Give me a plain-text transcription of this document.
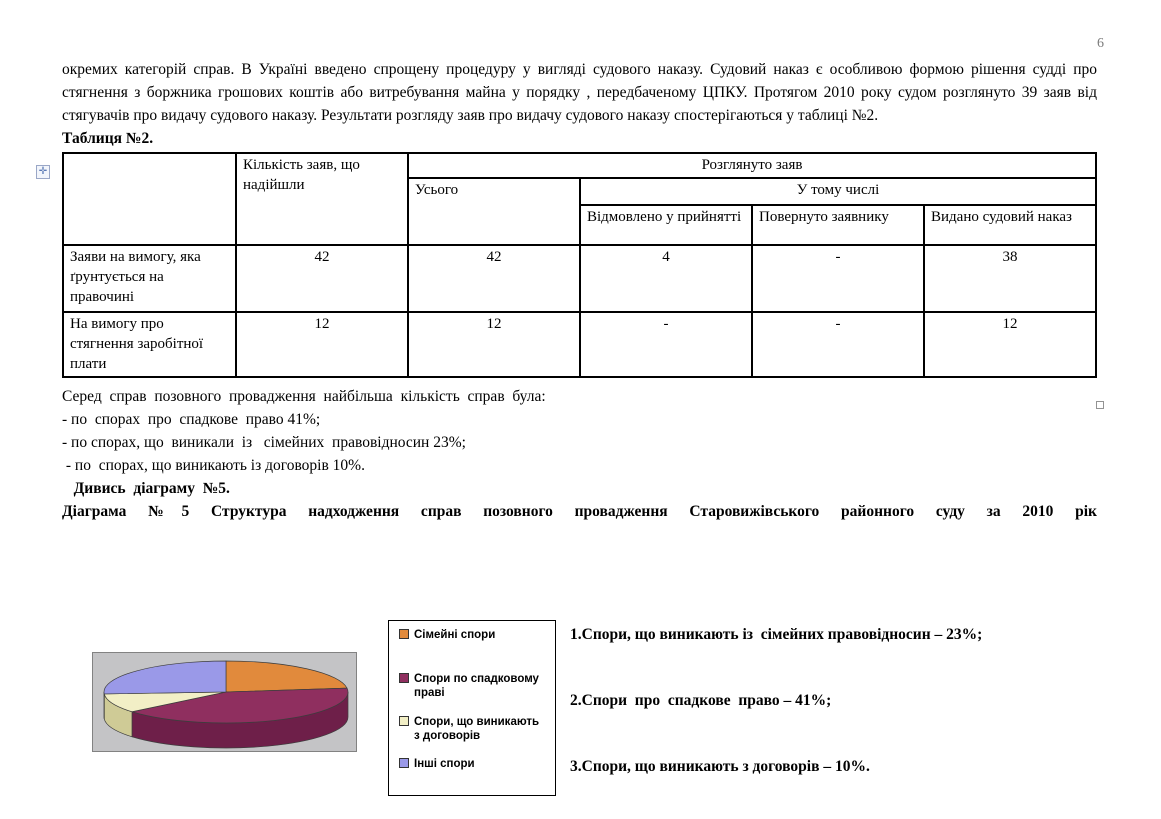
6
✛
окремих категорій справ. В Україні введено спрощену процедуру у вигляді судового наказу. Судовий наказ є особливою формою рішення судді про стягнення з боржника грошових коштів або витребування майна у порядку , передбаченому ЦПКУ. Протягом 2010 року судом розглянуто 39 заяв від стягувачів про видачу судового наказу. Результати розгляду заяв про видачу судового наказу спостерігаються у таблиці №2.
Таблиця №2.
	Кількість заяв, що надійшли	Розглянуто заяв			
		Усього	У тому числі		
			Відмовлено у прийнятті	Повернуто заявнику	Видано судовий наказ
Заяви на вимогу, яка ґрунтується на правочині	42	42	4	-	38
На вимогу про стягнення заробітної плати	12	12	-	-	12
Серед  справ  позовного  провадження  найбільша  кількість  справ  була:
- по  спорах  про  спадкове  право 41%;
- по спорах, що  виникали  із   сімейних  правовідносин 23%;
- по  спорах, що виникають із договорів 10%.
Дивись  діаграму  №5.
Діаграма №5 Структура надходження справ позовного провадження Старовижівського районного суду за 2010 рік
Сімейні спори
Спори по спадковому праві
Спори, що виникають з договорів
Інші спори

1.Спори, що виникають із  сімейних правовідносин – 23%;

2.Спори  про  спадкове  право – 41%;

3.Спори, що виникають з договорів – 10%.
